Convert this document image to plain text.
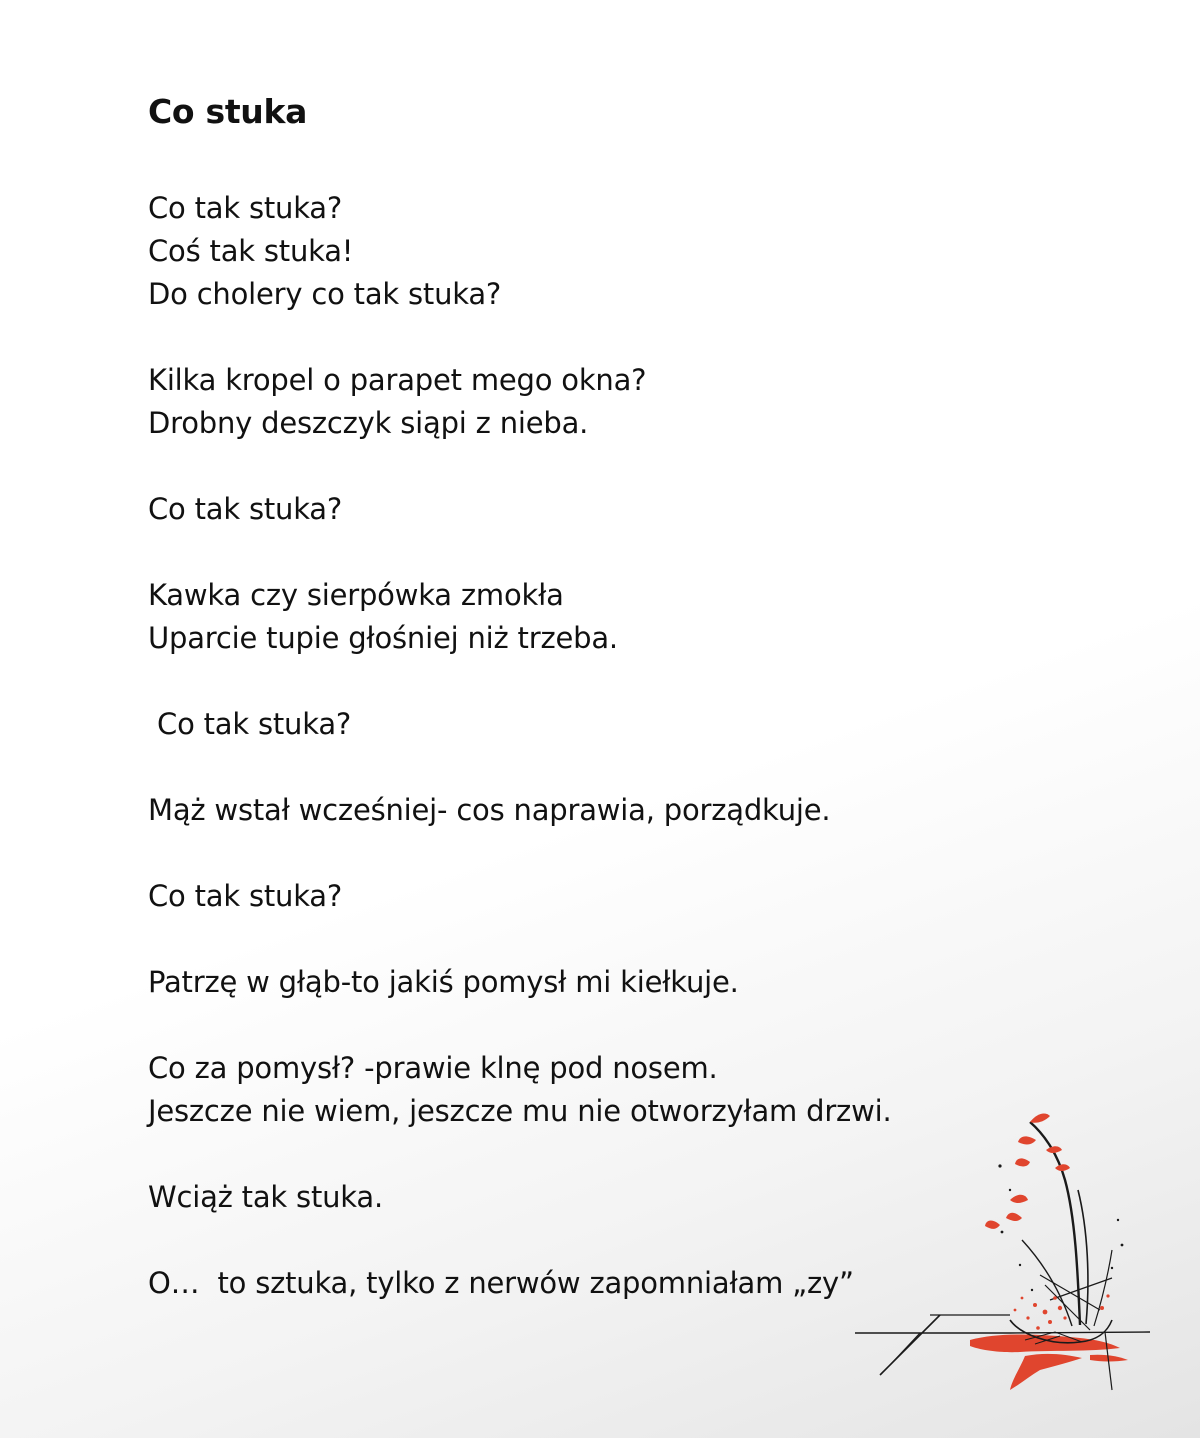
Co stuka
Co tak stuka?
Coś tak stuka!
Do cholery co tak stuka?
Kilka kropel o parapet mego okna?
Drobny deszczyk siąpi z nieba.
Co tak stuka?
Kawka czy sierpówka zmokła
Uparcie tupie głośniej niż trzeba.
Co tak stuka?
Mąż wstał wcześniej- cos naprawia, porządkuje.
Co tak stuka?
Patrzę w głąb-to jakiś pomysł mi kiełkuje.
Co za pomysł? -prawie klnę pod nosem.
Jeszcze nie wiem, jeszcze mu nie otworzyłam drzwi.
Wciąż tak stuka.
O…  to sztuka, tylko z nerwów zapomniałam „zy”
